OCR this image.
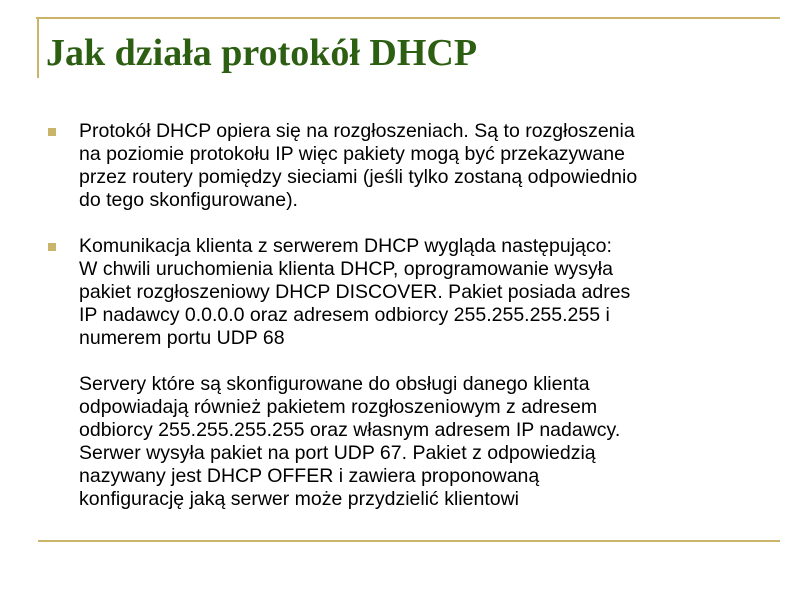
Jak działa protokół DHCP

Protokół DHCP opiera się na rozgłoszeniach. Są to rozgłoszenia
na poziomie protokołu IP więc pakiety mogą być przekazywane
przez routery pomiędzy sieciami (jeśli tylko zostaną odpowiednio
do tego skonfigurowane).

Komunikacja klienta z serwerem DHCP wygląda następująco:

W chwili uruchomienia klienta DHCP, oprogramowanie wysyła
pakiet rozgłoszeniowy DHCP DISCOVER. Pakiet posiada adres
IP nadawcy 0.0.0.0 oraz adresem odbiorcy 255.255.255.255 i
numerem portu UDP 68

Servery które są skonfigurowane do obsługi danego klienta
odpowiadają również pakietem rozgłoszeniowym z adresem
odbiorcy 255.255.255.255 oraz własnym adresem IP nadawcy.
Serwer wysyła pakiet na port UDP 67. Pakiet z odpowiedzią
nazywany jest DHCP OFFER i zawiera proponowaną
konfigurację jaką serwer może przydzielić klientowi
